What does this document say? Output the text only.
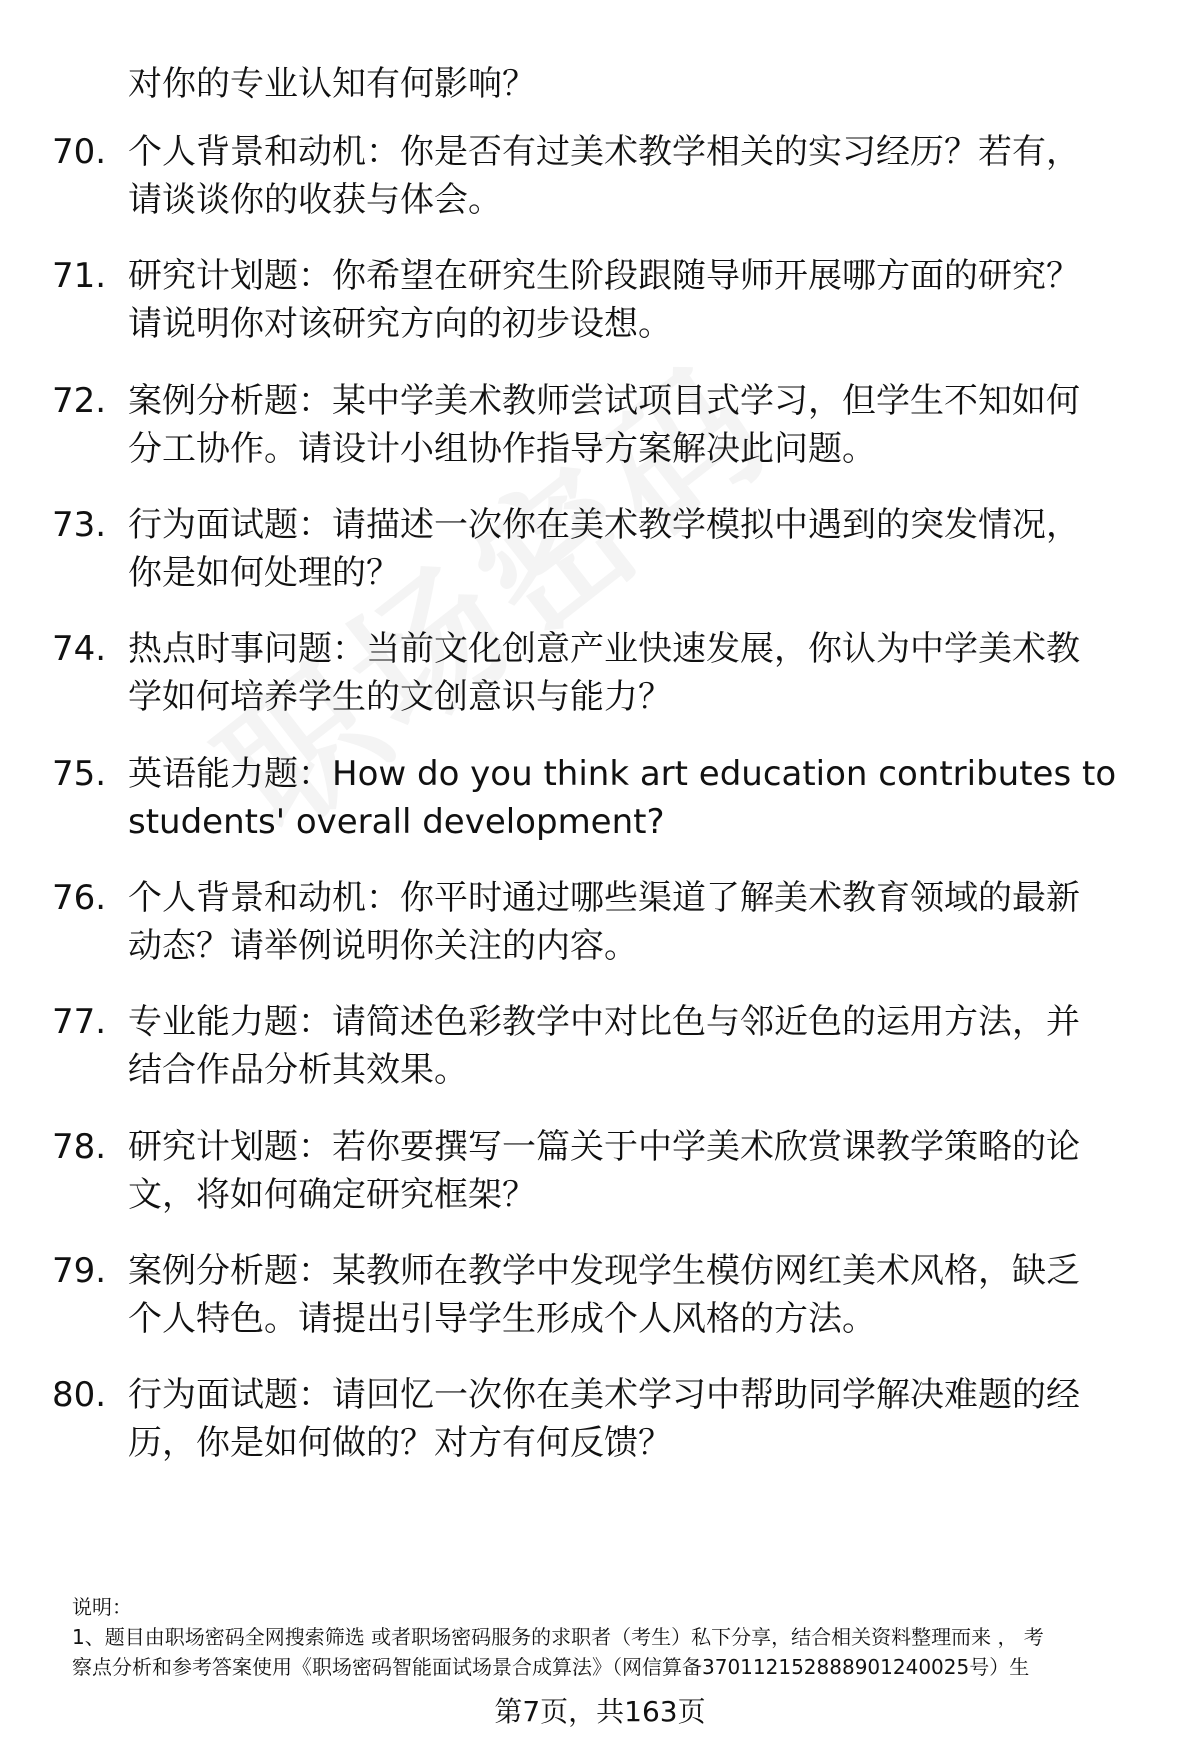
对你的专业认知有何影响？
70. 个人背景和动机：你是否有过美术教学相关的实习经历？若有，
请谈谈你的收获与体会。
71. 研究计划题：你希望在研究生阶段跟随导师开展哪方面的研究？
请说明你对该研究方向的初步设想。
72. 案例分析题：某中学美术教师尝试项目式学习，但学生不知如何
分工协作。请设计小组协作指导方案解决此问题。
73. 行为面试题：请描述一次你在美术教学模拟中遇到的突发情况，
你是如何处理的？
74. 热点时事问题：当前文化创意产业快速发展，你认为中学美术教
学如何培养学生的文创意识与能力？
75. 英语能力题：How do you think art education contributes to
students' overall development?
76. 个人背景和动机：你平时通过哪些渠道了解美术教育领域的最新
动态？请举例说明你关注的内容。
77. 专业能力题：请简述色彩教学中对比色与邻近色的运用方法，并
结合作品分析其效果。
78. 研究计划题：若你要撰写一篇关于中学美术欣赏课教学策略的论
文，将如何确定研究框架？
79. 案例分析题：某教师在教学中发现学生模仿网红美术风格，缺乏
个人特色。请提出引导学生形成个人风格的方法。
80. 行为面试题：请回忆一次你在美术学习中帮助同学解决难题的经
历，你是如何做的？对方有何反馈？
说明：
1、题目由职场密码全网搜索筛选 或者职场密码服务的求职者（考生）私下分享，结合相关资料整理而来 ， 考
察点分析和参考答案使用《职场密码智能面试场景合成算法》（网信算备370112152888901240025号）生
第7页，共163页
